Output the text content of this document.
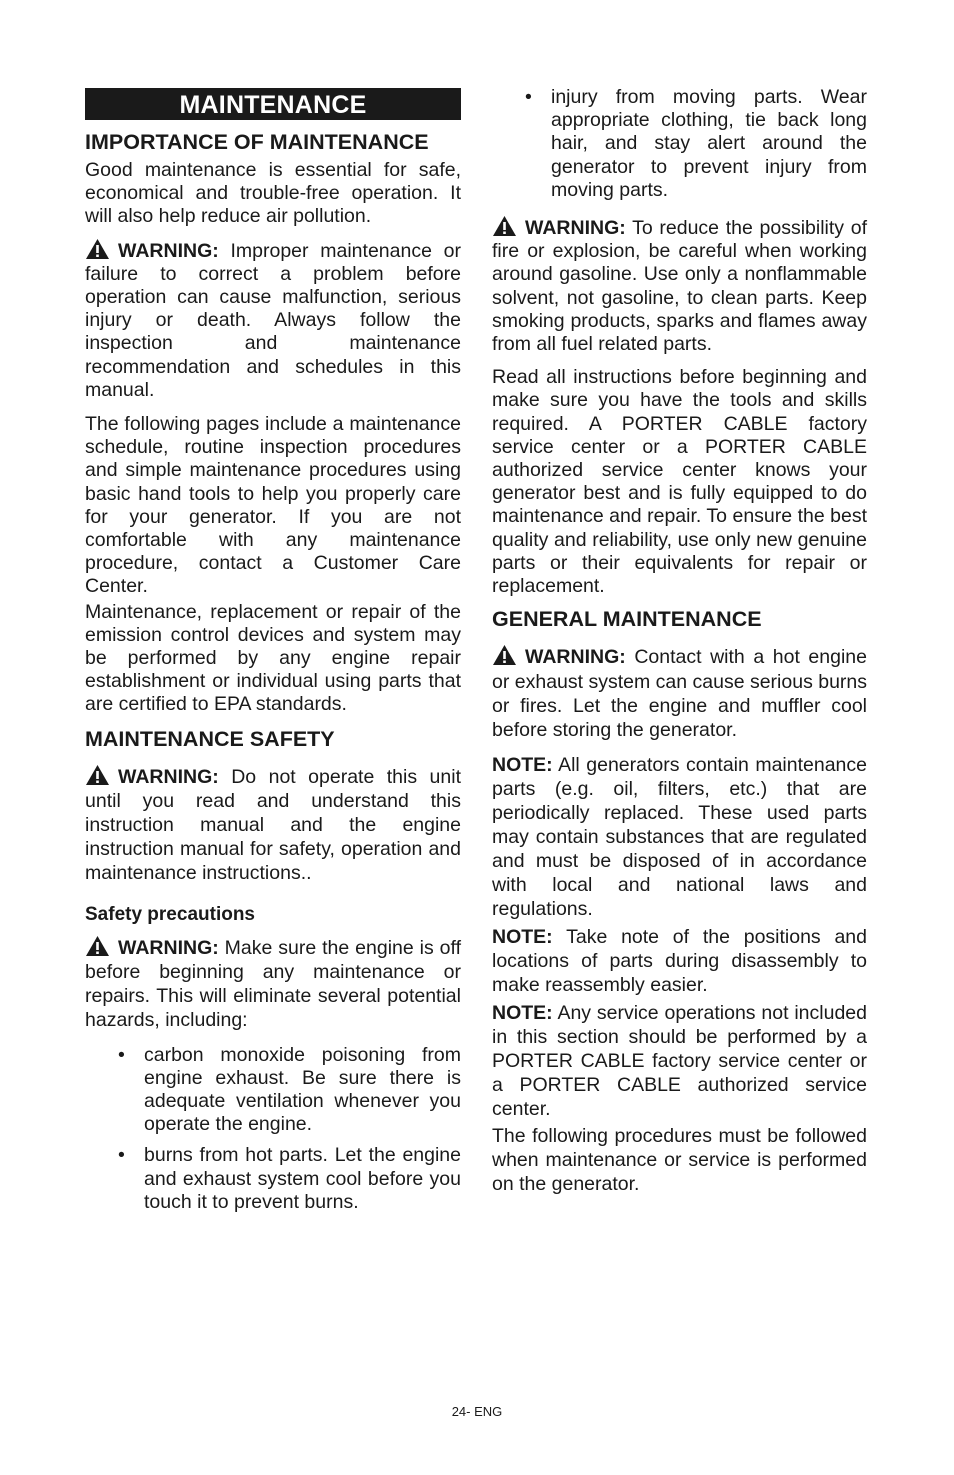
MAINTENANCE
IMPORTANCE OF MAINTENANCE

Good maintenance is essential for safe, economical and trouble-free operation. It will also help reduce air pollution.

WARNING: Improper maintenance or failure to correct a problem before operation can cause malfunction, serious injury or death. Always follow the inspection and maintenance recommendation and schedules in this manual.

The following pages include a maintenance schedule, routine inspection procedures and simple maintenance procedures using basic hand tools to help you properly care for your generator. If you are not comfortable with any maintenance procedure, contact a Customer Care Center.

Maintenance, replacement or repair of the emission control devices and system may be performed by any engine repair establishment or individual using parts that are certified to EPA standards.

MAINTENANCE SAFETY

WARNING: Do not operate this unit until you read and understand this instruction manual and the engine instruction manual for safety, operation and maintenance instructions..

Safety precautions

WARNING: Make sure the engine is off before beginning any maintenance or repairs. This will eliminate several potential hazards, including:

• carbon monoxide poisoning from engine exhaust. Be sure there is adequate ventilation whenever you operate the engine.
• burns from hot parts. Let the engine and exhaust system cool before you touch it to prevent burns.
• injury from moving parts. Wear appropriate clothing, tie back long hair, and stay alert around the generator to prevent injury from moving parts.

WARNING: To reduce the possibility of fire or explosion, be careful when working around gasoline. Use only a nonflammable solvent, not gasoline, to clean parts. Keep smoking products, sparks and flames away from all fuel related parts.

Read all instructions before beginning and make sure you have the tools and skills required. A PORTER CABLE factory service center or a PORTER CABLE authorized service center knows your generator best and is fully equipped to do maintenance and repair. To ensure the best quality and reliability, use only new genuine parts or their equivalents for repair or replacement.

GENERAL MAINTENANCE

WARNING: Contact with a hot engine or exhaust system can cause serious burns or fires. Let the engine and muffler cool before storing the generator.

NOTE: All generators contain maintenance parts (e.g. oil, filters, etc.) that are periodically replaced. These used parts may contain substances that are regulated and must be disposed of in accordance with local and national laws and regulations.

NOTE: Take note of the positions and locations of parts during disassembly to make reassembly easier.

NOTE: Any service operations not included in this section should be performed by a PORTER CABLE factory service center or a PORTER CABLE authorized service center.

The following procedures must be followed when maintenance or service is performed on the generator.

24- ENG
